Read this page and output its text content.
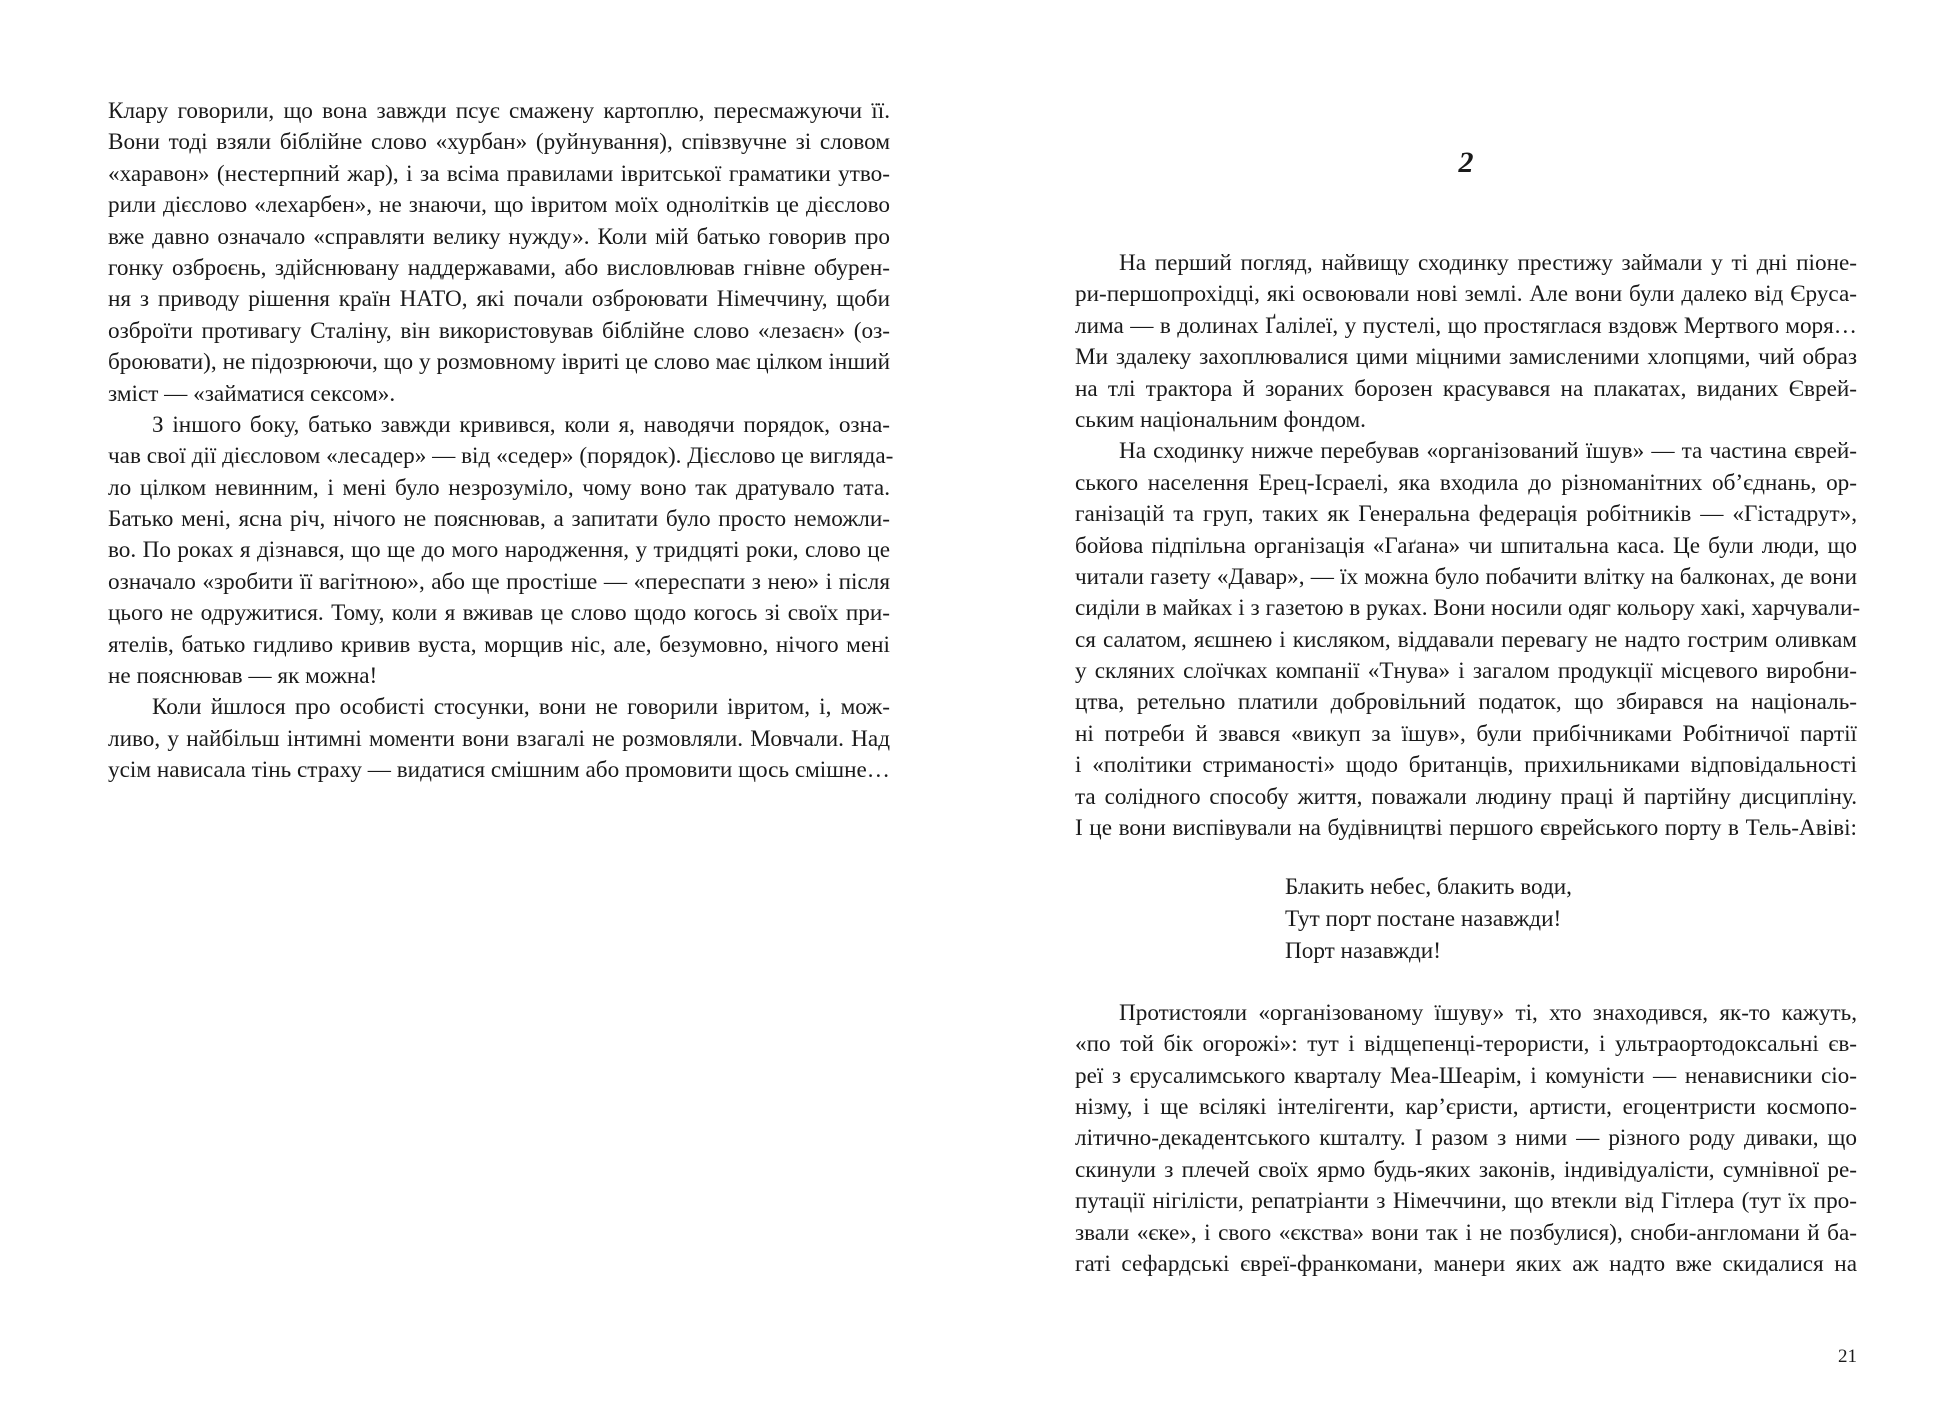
Клару говорили, що вона завжди псує смажену картоплю, пересмажуючи її.
Вони тоді взяли біблійне слово «хурбан» (руйнування), співзвучне зі словом
«харавон» (нестерпний жар), і за всіма правилами івритської граматики утво-
рили дієслово «лехарбен», не знаючи, що івритом моїх однолітків це дієслово
вже давно означало «справляти велику нужду». Коли мій батько говорив про
гонку озброєнь, здійснювану наддержавами, або висловлював гнівне обурен-
ня з приводу рішення країн НАТО, які почали озброювати Німеччину, щоби
озброїти противагу Сталіну, він використовував біблійне слово «лезаєн» (оз-
броювати), не підозрюючи, що у розмовному івриті це слово має цілком інший
зміст — «займатися сексом».
З іншого боку, батько завжди кривився, коли я, наводячи порядок, озна-
чав свої дії дієсловом «лесадер» — від «седер» (порядок). Дієслово це вигляда-
ло цілком невинним, і мені було незрозуміло, чому воно так дратувало тата.
Батько мені, ясна річ, нічого не пояснював, а запитати було просто неможли-
во. По роках я дізнався, що ще до мого народження, у тридцяті роки, слово це
означало «зробити її вагітною», або ще простіше — «переспати з нею» і після
цього не одружитися. Тому, коли я вживав це слово щодо когось зі своїх при-
ятелів, батько гидливо кривив вуста, морщив ніс, але, безумовно, нічого мені
не пояснював — як можна!
Коли йшлося про особисті стосунки, вони не говорили івритом, і, мож-
ливо, у найбільш інтимні моменти вони взагалі не розмовляли. Мовчали. Над
усім нависала тінь страху — видатися смішним або промовити щось смішне…
2
На перший погляд, найвищу сходинку престижу займали у ті дні піоне-
ри-першопрохідці, які освоювали нові землі. Але вони були далеко від Єруса-
лима — в долинах Ґалілеї, у пустелі, що простяглася вздовж Мертвого моря…
Ми здалеку захоплювалися цими міцними замисленими хлопцями, чий образ
на тлі трактора й зораних борозен красувався на плакатах, виданих Єврей-
ським національним фондом.
На сходинку нижче перебував «організований їшув» — та частина єврей-
ського населення Ерец-Ісраелі, яка входила до різноманітних об’єднань, ор-
ганізацій та груп, таких як Генеральна федерація робітників — «Гістадрут»,
бойова підпільна організація «Гаґана» чи шпитальна каса. Це були люди, що
читали газету «Давар», — їх можна було побачити влітку на балконах, де вони
сиділи в майках і з газетою в руках. Вони носили одяг кольору хакі, харчували-
ся салатом, яєшнею і кисляком, віддавали перевагу не надто гострим оливкам
у скляних слоїчках компанії «Тнува» і загалом продукції місцевого виробни-
цтва, ретельно платили добровільний податок, що збирався на національ-
ні потреби й звався «викуп за їшув», були прибічниками Робітничої партії
і «політики стриманості» щодо британців, прихильниками відповідальності
та солідного способу життя, поважали людину праці й партійну дисципліну.
І це вони виспівували на будівництві першого єврейського порту в Тель-Авіві:
Блакить небес, блакить води,
Тут порт постане назавжди!
Порт назавжди!
Протистояли «організованому їшуву» ті, хто знаходився, як-то кажуть,
«по той бік огорожі»: тут і відщепенці-терористи, і ультраортодоксальні єв-
реї з єрусалимського кварталу Меа-Шеарім, і комуністи — ненависники сіо-
нізму, і ще всілякі інтелігенти, кар’єристи, артисти, егоцентристи космопо-
літично-декадентського кшталту. І разом з ними — різного роду диваки, що
скинули з плечей своїх ярмо будь-яких законів, індивідуалісти, сумнівної ре-
путації нігілісти, репатріанти з Німеччини, що втекли від Гітлера (тут їх про-
звали «єке», і свого «єкства» вони так і не позбулися), сноби-англомани й ба-
гаті сефардські євреї-франкомани, манери яких аж надто вже скидалися на
21
